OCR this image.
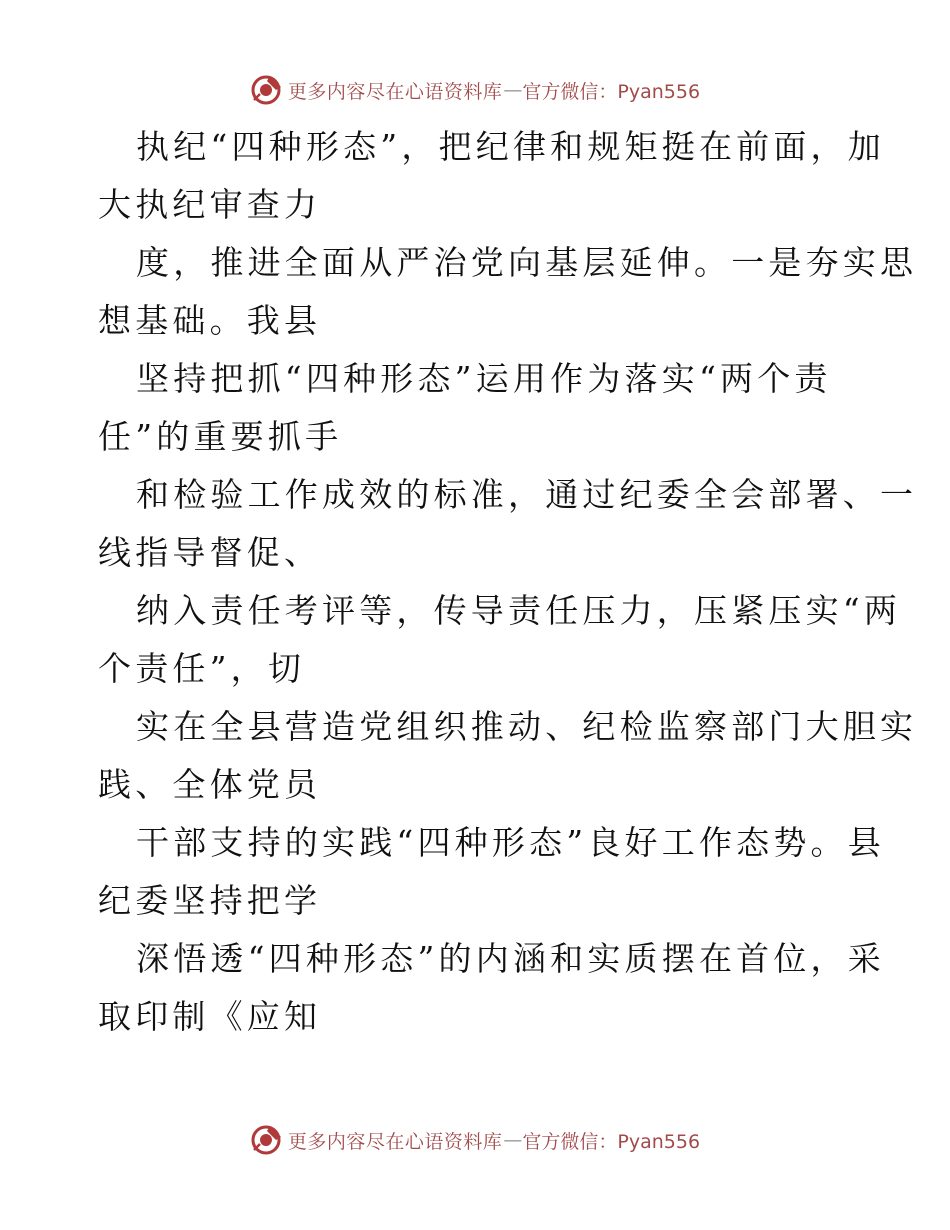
更多内容尽在心语资料库 — 官方微信：Pyan556
执纪“四种形态”，把纪律和规矩挺在前面，加
大执纪审查力
度，推进全面从严治党向基层延伸。一是夯实思
想基础。我县
坚持把抓“四种形态”运用作为落实“两个责
任”的重要抓手
和检验工作成效的标准，通过纪委全会部署、一
线指导督促、
纳入责任考评等，传导责任压力，压紧压实“两
个责任”，切
实在全县营造党组织推动、纪检监察部门大胆实
践、全体党员
干部支持的实践“四种形态”良好工作态势。县
纪委坚持把学
深悟透“四种形态”的内涵和实质摆在首位，采
取印制《应知
更多内容尽在心语资料库 — 官方微信：Pyan556
